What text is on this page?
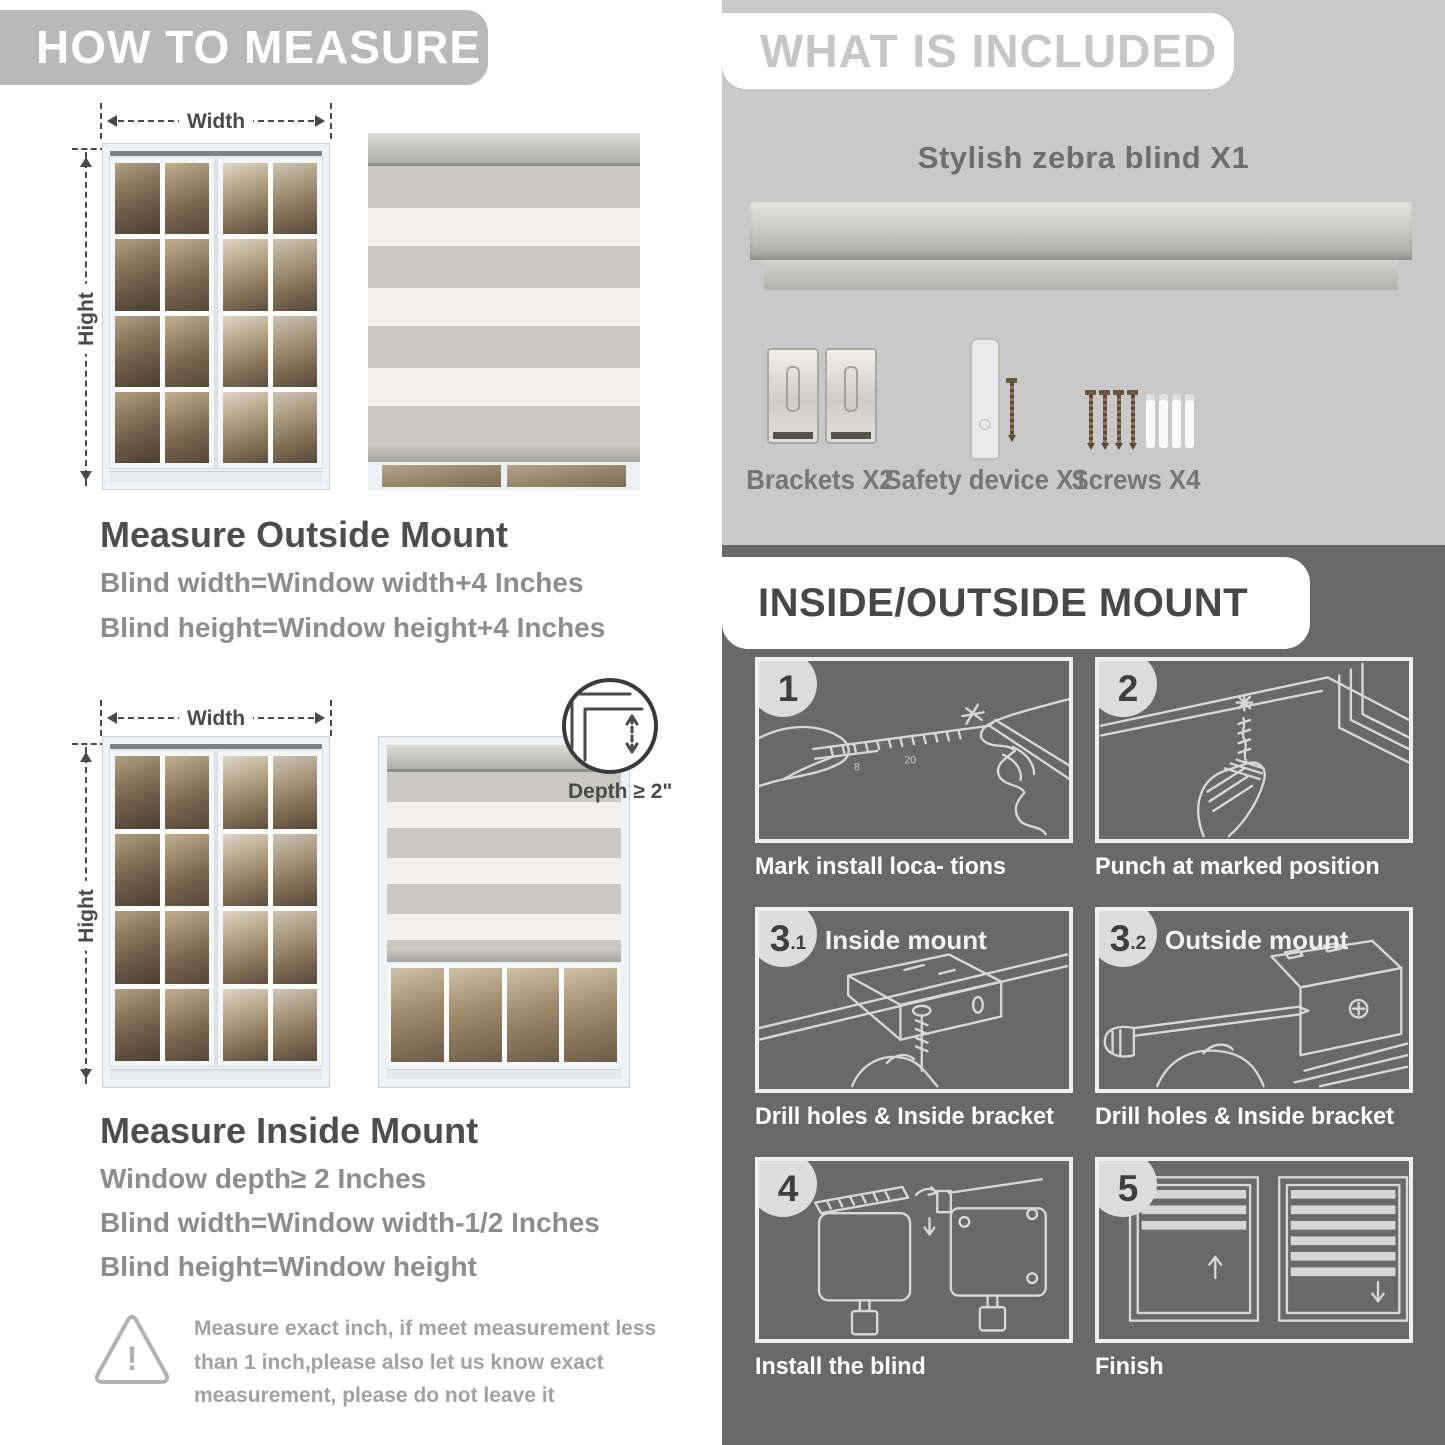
HOW TO MEASURE
Width
Hight
Measure Outside Mount
Blind width=Window width+4 Inches
Blind height=Window height+4 Inches
Width
Hight
Depth ≥ 2"
Measure Inside Mount
Window depth≥ 2 Inches
Blind width=Window width-1/2 Inches
Blind height=Window height
!
Measure exact inch, if meet measurement less than 1 inch,please also let us know exact measurement, please do not leave it
WHAT IS INCLUDED
Stylish zebra blind X1
Brackets X2
Safety device X1
Screws X4
INSIDE/OUTSIDE MOUNT
1
8
20
Mark install loca- tions
2
Punch at marked position
3 .1 Inside mount
Drill holes & Inside bracket
3 .2 Outside mount
Drill holes & Inside bracket
4
Install the blind
5
Finish
